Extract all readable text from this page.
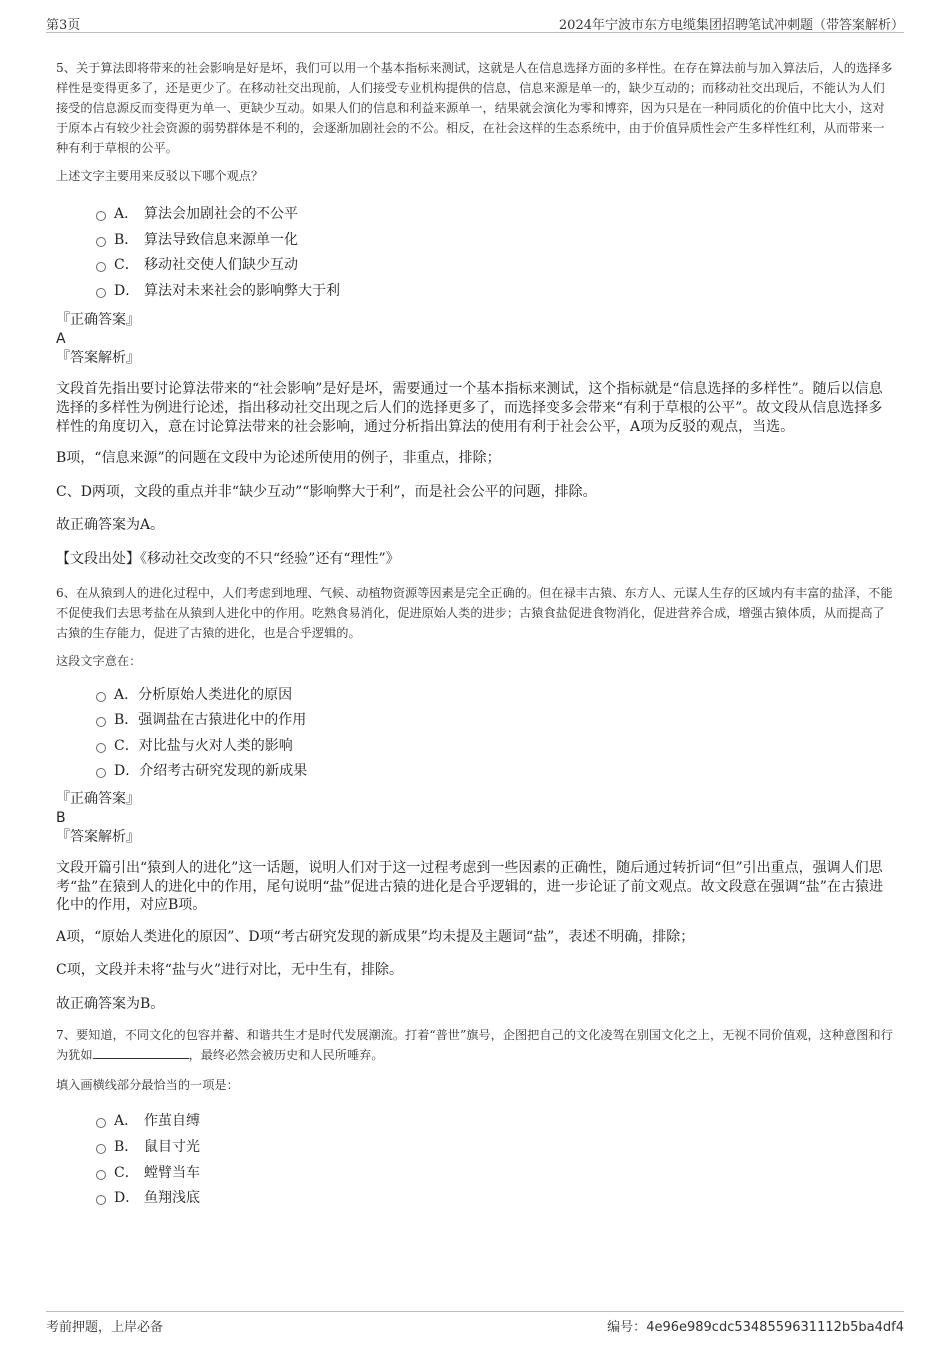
第3页	2024年宁波市东方电缆集团招聘笔试冲刺题（带答案解析）

5、关于算法即将带来的社会影响是好是坏，我们可以用一个基本指标来测试，这就是人在信息选择方面的多样性。在存在算法前与加入算法后，人的选择多样性是变得更多了，还是更少了。在移动社交出现前，人们接受专业机构提供的信息，信息来源是单一的，缺少互动的；而移动社交出现后，不能认为人们接受的信息源反而变得更为单一、更缺少互动。如果人们的信息和利益来源单一，结果就会演化为零和博弈，因为只是在一种同质化的价值中比大小，这对于原本占有较少社会资源的弱势群体是不利的，会逐渐加剧社会的不公。相反，在社会这样的生态系统中，由于价值异质性会产生多样性红利，从而带来一种有利于草根的公平。

上述文字主要用来反驳以下哪个观点？

A． 算法会加剧社会的不公平
B． 算法导致信息来源单一化
C． 移动社交使人们缺少互动
D． 算法对未来社会的影响弊大于利

『正确答案』

A

『答案解析』

文段首先指出要讨论算法带来的“社会影响”是好是坏，需要通过一个基本指标来测试，这个指标就是“信息选择的多样性”。随后以信息选择的多样性为例进行论述，指出移动社交出现之后人们的选择更多了，而选择变多会带来“有利于草根的公平”。故文段从信息选择多样性的角度切入，意在讨论算法带来的社会影响，通过分析指出算法的使用有利于社会公平，A项为反驳的观点，当选。

B项，“信息来源”的问题在文段中为论述所使用的例子，非重点，排除；

C、D两项，文段的重点并非“缺少互动”“影响弊大于利”，而是社会公平的问题，排除。

故正确答案为A。

【文段出处】《移动社交改变的不只“经验”还有“理性”》

6、在从猿到人的进化过程中，人们考虑到地理、气候、动植物资源等因素是完全正确的。但在禄丰古猿、东方人、元谋人生存的区域内有丰富的盐泽，不能不促使我们去思考盐在从猿到人进化中的作用。吃熟食易消化，促进原始人类的进步；古猿食盐促进食物消化，促进营养合成，增强古猿体质，从而提高了古猿的生存能力，促进了古猿的进化，也是合乎逻辑的。

这段文字意在：

A．分析原始人类进化的原因
B．强调盐在古猿进化中的作用
C．对比盐与火对人类的影响
D．介绍考古研究发现的新成果

『正确答案』

B

『答案解析』

文段开篇引出“猿到人的进化”这一话题，说明人们对于这一过程考虑到一些因素的正确性，随后通过转折词“但”引出重点，强调人们思考“盐”在猿到人的进化中的作用，尾句说明“盐”促进古猿的进化是合乎逻辑的，进一步论证了前文观点。故文段意在强调“盐”在古猿进化中的作用，对应B项。

A项，“原始人类进化的原因”、D项“考古研究发现的新成果”均未提及主题词“盐”，表述不明确，排除；

C项，文段并未将“盐与火”进行对比，无中生有，排除。

故正确答案为B。

7、要知道，不同文化的包容并蓄、和谐共生才是时代发展潮流。打着“普世”旗号，企图把自己的文化凌驾在别国文化之上，无视不同价值观，这种意图和行为犹如	，最终必然会被历史和人民所唾弃。

填入画横线部分最恰当的一项是：

A． 作茧自缚
B． 鼠目寸光
C． 螳臂当车
D． 鱼翔浅底
考前押题，上岸必备	编号：4e96e989cdc5348559631112b5ba4df4
